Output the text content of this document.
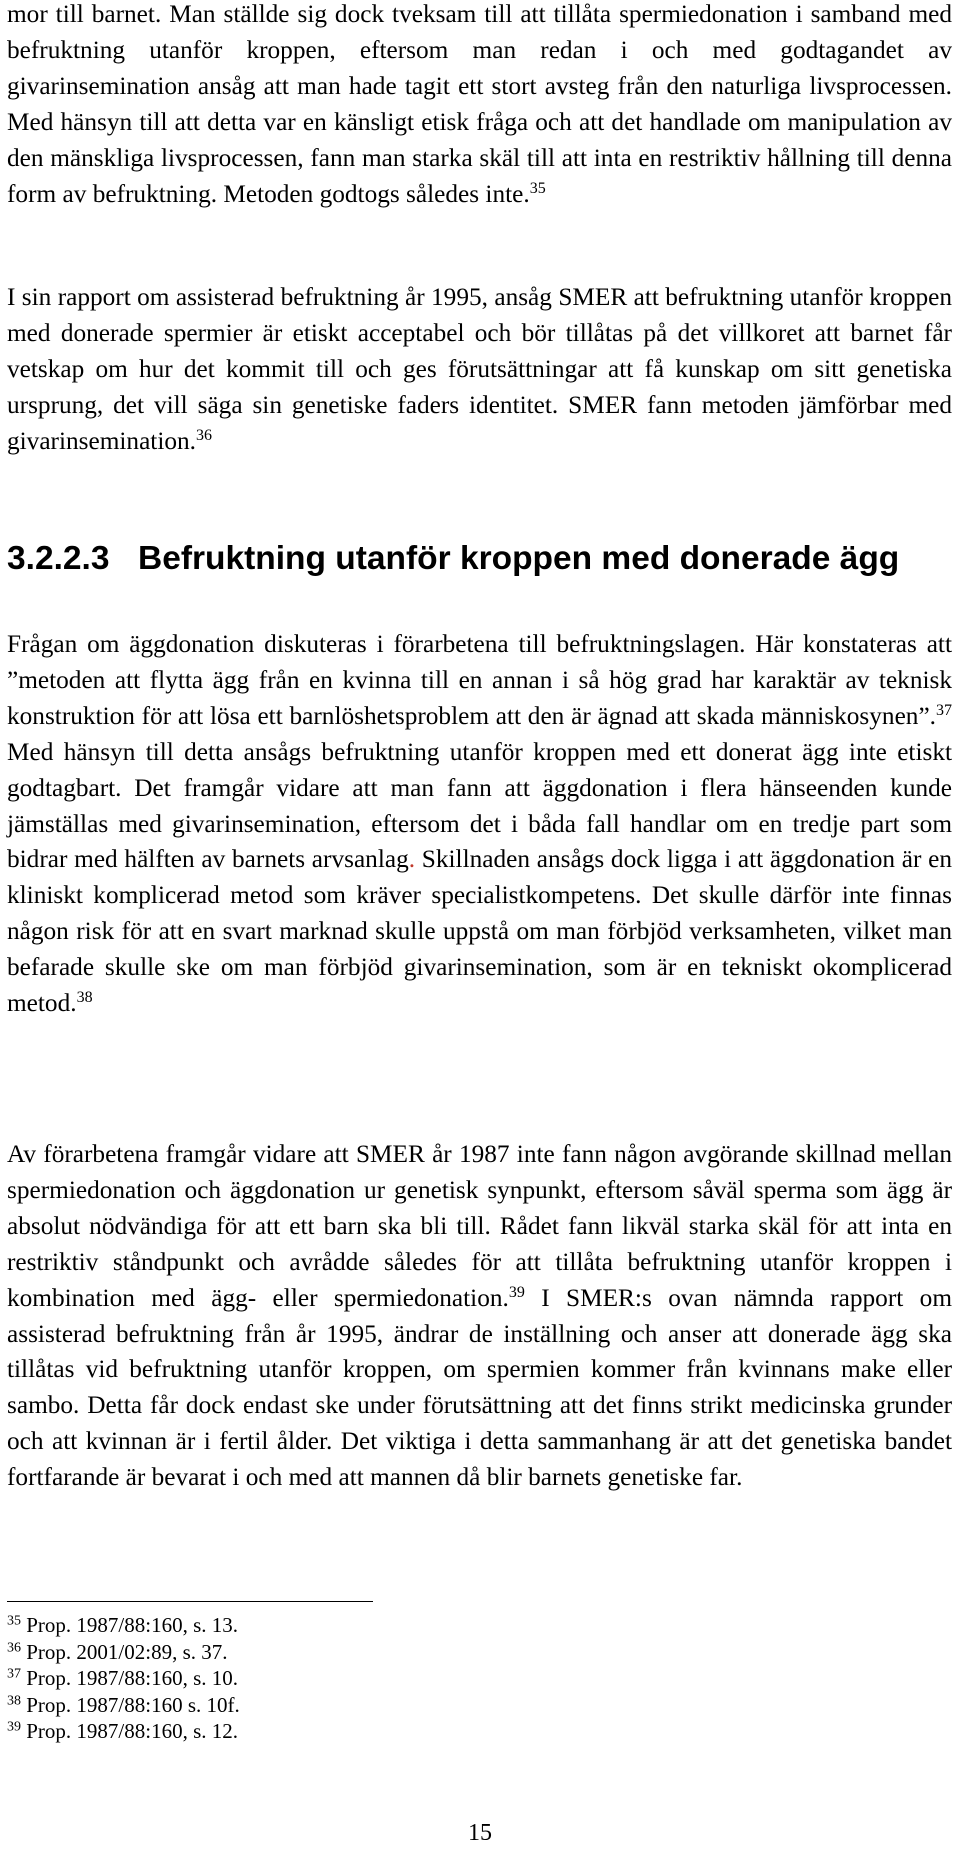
mor till barnet. Man ställde sig dock tveksam till att tillåta spermiedonation i samband med befruktning utanför kroppen, eftersom man redan i och med godtagandet av givarinsemination ansåg att man hade tagit ett stort avsteg från den naturliga livsprocessen. Med hänsyn till att detta var en känsligt etisk fråga och att det handlade om manipulation av den mänskliga livsprocessen, fann man starka skäl till att inta en restriktiv hållning till denna form av befruktning. Metoden godtogs således inte.$^{35}$

I sin rapport om assisterad befruktning år 1995, ansåg SMER att befruktning utanför kroppen med donerade spermier är etiskt acceptabel och bör tillåtas på det villkoret att barnet får vetskap om hur det kommit till och ges förutsättningar att få kunskap om sitt genetiska ursprung, det vill säga sin genetiske faders identitet. SMER fann metoden jämförbar med givarinsemination.$^{36}$

3.2.2.3 Befruktning utanför kroppen med donerade ägg

Frågan om äggdonation diskuteras i förarbetena till befruktningslagen. Här konstateras att ”metoden att flytta ägg från en kvinna till en annan i så hög grad har karaktär av teknisk konstruktion för att lösa ett barnlöshetsproblem att den är ägnad att skada människosynen”.$^{37}$ Med hänsyn till detta ansågs befruktning utanför kroppen med ett donerat ägg inte etiskt godtagbart. Det framgår vidare att man fann att äggdonation i flera hänseenden kunde jämställas med givarinsemination, eftersom det i båda fall handlar om en tredje part som bidrar med hälften av barnets arvsanlag. Skillnaden ansågs dock ligga i att äggdonation är en kliniskt komplicerad metod som kräver specialistkompetens. Det skulle därför inte finnas någon risk för att en svart marknad skulle uppstå om man förbjöd verksamheten, vilket man befarade skulle ske om man förbjöd givarinsemination, som är en tekniskt okomplicerad metod.$^{38}$

Av förarbetena framgår vidare att SMER år 1987 inte fann någon avgörande skillnad mellan spermiedonation och äggdonation ur genetisk synpunkt, eftersom såväl sperma som ägg är absolut nödvändiga för att ett barn ska bli till. Rådet fann likväl starka skäl för att inta en restriktiv ståndpunkt och avrådde således för att tillåta befruktning utanför kroppen i kombination med ägg- eller spermiedonation.$^{39}$ I SMER:s ovan nämnda rapport om assisterad befruktning från år 1995, ändrar de inställning och anser att donerade ägg ska tillåtas vid befruktning utanför kroppen, om spermien kommer från kvinnans make eller sambo. Detta får dock endast ske under förutsättning att det finns strikt medicinska grunder och att kvinnan är i fertil ålder. Det viktiga i detta sammanhang är att det genetiska bandet fortfarande är bevarat i och med att mannen då blir barnets genetiske far.

$^{35}$ Prop. 1987/88:160, s. 13.
$^{36}$ Prop. 2001/02:89, s. 37.
$^{37}$ Prop. 1987/88:160, s. 10.
$^{38}$ Prop. 1987/88:160 s. 10f.
$^{39}$ Prop. 1987/88:160, s. 12.
15
